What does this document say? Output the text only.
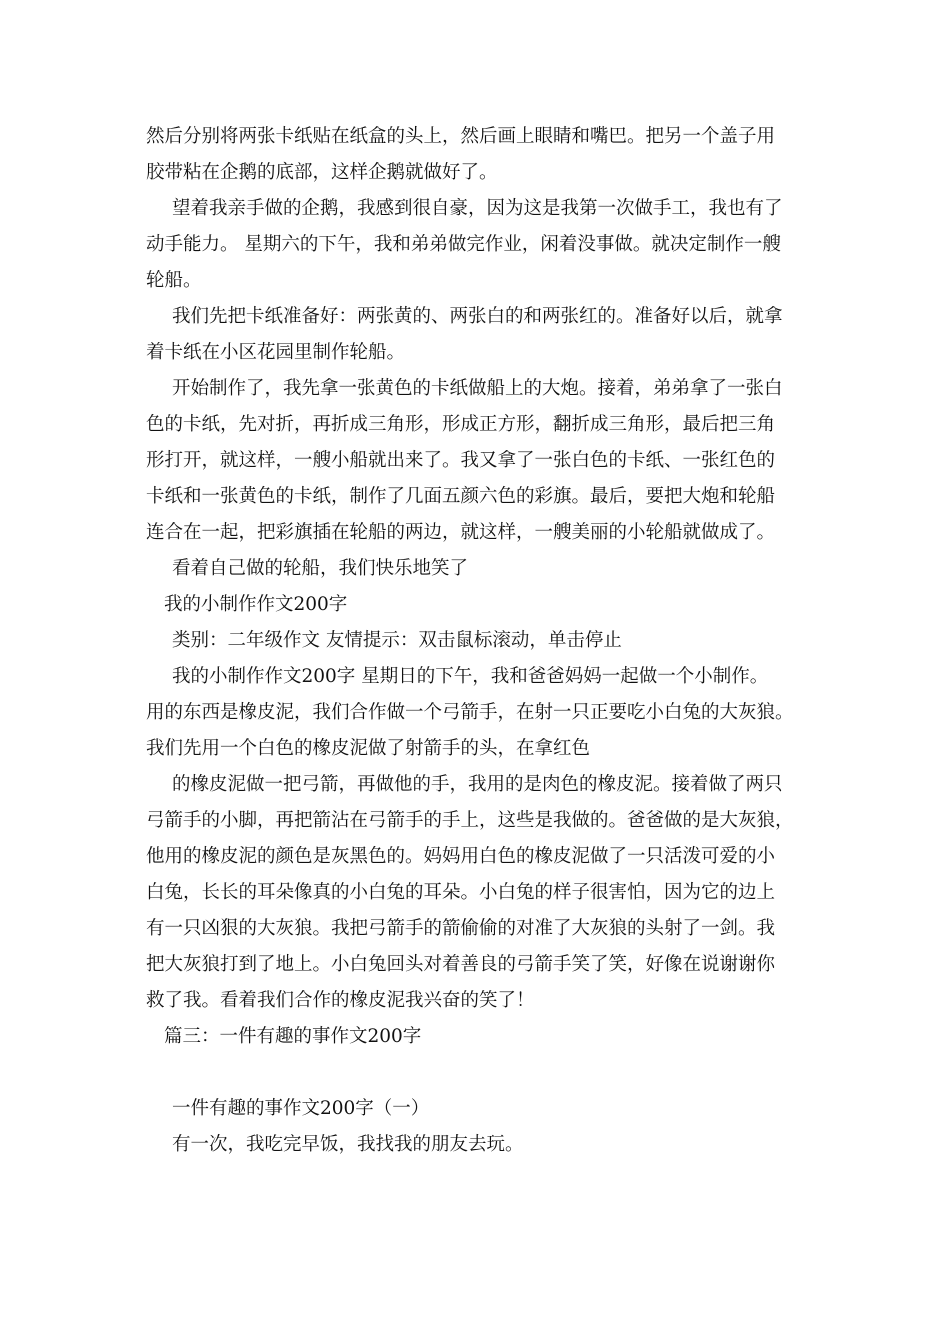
然后分别将两张卡纸贴在纸盒的头上，然后画上眼睛和嘴巴。把另一个盖子用
胶带粘在企鹅的底部，这样企鹅就做好了。
望着我亲手做的企鹅，我感到很自豪，因为这是我第一次做手工，我也有了
动手能力。 星期六的下午，我和弟弟做完作业，闲着没事做。就决定制作一艘
轮船。
我们先把卡纸准备好：两张黄的、两张白的和两张红的。准备好以后，就拿
着卡纸在小区花园里制作轮船。
开始制作了，我先拿一张黄色的卡纸做船上的大炮。接着，弟弟拿了一张白
色的卡纸，先对折，再折成三角形，形成正方形，翻折成三角形，最后把三角
形打开，就这样，一艘小船就出来了。我又拿了一张白色的卡纸、一张红色的
卡纸和一张黄色的卡纸，制作了几面五颜六色的彩旗。最后，要把大炮和轮船
连合在一起，把彩旗插在轮船的两边，就这样，一艘美丽的小轮船就做成了。
看着自己做的轮船，我们快乐地笑了
我的小制作作文200字
类别：二年级作文 友情提示：双击鼠标滚动，单击停止
我的小制作作文200字 星期日的下午，我和爸爸妈妈一起做一个小制作。
用的东西是橡皮泥，我们合作做一个弓箭手，在射一只正要吃小白兔的大灰狼。
我们先用一个白色的橡皮泥做了射箭手的头，在拿红色
的橡皮泥做一把弓箭，再做他的手，我用的是肉色的橡皮泥。接着做了两只
弓箭手的小脚，再把箭沾在弓箭手的手上，这些是我做的。爸爸做的是大灰狼，
他用的橡皮泥的颜色是灰黑色的。妈妈用白色的橡皮泥做了一只活泼可爱的小
白兔，长长的耳朵像真的小白兔的耳朵。小白兔的样子很害怕，因为它的边上
有一只凶狠的大灰狼。我把弓箭手的箭偷偷的对准了大灰狼的头射了一剑。我
把大灰狼打到了地上。小白兔回头对着善良的弓箭手笑了笑，好像在说谢谢你
救了我。看着我们合作的橡皮泥我兴奋的笑了！
篇三：一件有趣的事作文200字
一件有趣的事作文200字（一）
有一次，我吃完早饭，我找我的朋友去玩。
